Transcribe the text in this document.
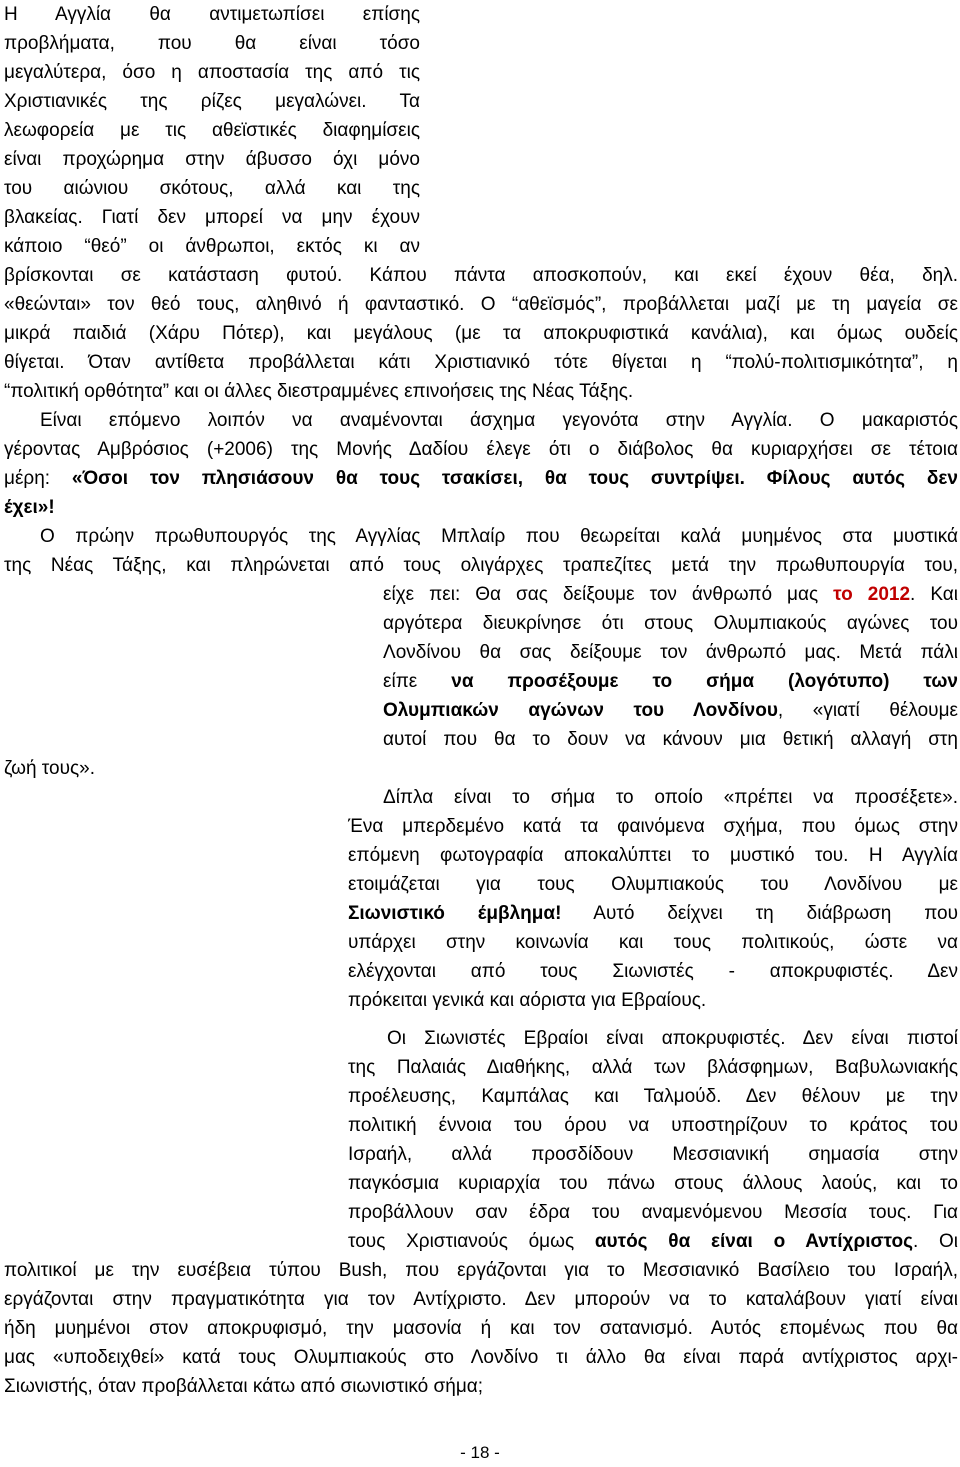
Η Αγγλία θα αντιμετωπίσει επίσης
προβλήματα, που θα είναι τόσο
μεγαλύτερα, όσο η αποστασία της από τις
Χριστιανικές της ρίζες μεγαλώνει. Τα
λεωφορεία με τις αθεϊστικές διαφημίσεις
είναι προχώρημα στην άβυσσο όχι μόνο
του αιώνιου σκότους, αλλά και της
βλακείας. Γιατί δεν μπορεί να μην έχουν
κάποιο “θεό” οι άνθρωποι, εκτός κι αν
βρίσκονται σε κατάσταση φυτού. Κάπου πάντα αποσκοπούν, και εκεί έχουν θέα, δηλ.
«θεώνται» τον θεό τους, αληθινό ή φανταστικό. Ο “αθεϊσμός”, προβάλλεται μαζί με τη μαγεία σε
μικρά παιδιά (Χάρυ Πότερ), και μεγάλους (με τα αποκρυφιστικά κανάλια), και όμως ουδείς
θίγεται. Όταν αντίθετα προβάλλεται κάτι Χριστιανικό τότε θίγεται η “πολύ-πολιτισμικότητα”, η
“πολιτική ορθότητα” και οι άλλες διεστραμμένες επινοήσεις της Νέας Τάξης.
Είναι επόμενο λοιπόν να αναμένονται άσχημα γεγονότα στην Αγγλία. Ο μακαριστός
γέροντας Αμβρόσιος (+2006) της Μονής Δαδίου έλεγε ότι ο διάβολος θα κυριαρχήσει σε τέτοια
μέρη: «Όσοι τον πλησιάσουν θα τους τσακίσει, θα τους συντρίψει. Φίλους αυτός δεν
έχει»!
Ο πρώην πρωθυπουργός της Αγγλίας Μπλαίρ που θεωρείται καλά μυημένος στα μυστικά
της Νέας Τάξης, και πληρώνεται από τους ολιγάρχες τραπεζίτες μετά την πρωθυπουργία του,
είχε πει: Θα σας δείξουμε τον άνθρωπό μας το 2012. Και
αργότερα διευκρίνησε ότι στους Ολυμπιακούς αγώνες του
Λονδίνου θα σας δείξουμε τον άνθρωπό μας. Μετά πάλι
είπε να προσέξουμε το σήμα (λογότυπο) των
Ολυμπιακών αγώνων του Λονδίνου, «γιατί θέλουμε
αυτοί που θα το δουν να κάνουν μια θετική αλλαγή στη
ζωή τους».
Δίπλα είναι το σήμα το οποίο «πρέπει να προσέξετε».
Ένα μπερδεμένο κατά τα φαινόμενα σχήμα, που όμως στην
επόμενη φωτογραφία αποκαλύπτει το μυστικό του. Η Αγγλία
ετοιμάζεται για τους Ολυμπιακούς του Λονδίνου με
Σιωνιστικό έμβλημα! Αυτό δείχνει τη διάβρωση που
υπάρχει στην κοινωνία και τους πολιτικούς, ώστε να
ελέγχονται από τους Σιωνιστές - αποκρυφιστές. Δεν
πρόκειται γενικά και αόριστα για Εβραίους.
Οι Σιωνιστές Εβραίοι είναι αποκρυφιστές. Δεν είναι πιστοί
της Παλαιάς Διαθήκης, αλλά των βλάσφημων, Βαβυλωνιακής
προέλευσης, Καμπάλας και Ταλμούδ. Δεν θέλουν με την
πολιτική έννοια του όρου να υποστηρίζουν το κράτος του
Ισραήλ, αλλά προσδίδουν Μεσσιανική σημασία στην
παγκόσμια κυριαρχία του πάνω στους άλλους λαούς, και το
προβάλλουν σαν έδρα του αναμενόμενου Μεσσία τους. Για
τους Χριστιανούς όμως αυτός θα είναι ο Αντίχριστος. Οι
πολιτικοί με την ευσέβεια τύπου Bush, που εργάζονται για το Μεσσιανικό Βασίλειο του Ισραήλ,
εργάζονται στην πραγματικότητα για τον Αντίχριστο. Δεν μπορούν να το καταλάβουν γιατί είναι
ήδη μυημένοι στον αποκρυφισμό, την μασονία ή και τον σατανισμό. Αυτός επομένως που θα
μας «υποδειχθεί» κατά τους Ολυμπιακούς στο Λονδίνο τι άλλο θα είναι παρά αντίχριστος αρχι-
Σιωνιστής, όταν προβάλλεται κάτω από σιωνιστικό σήμα;
- 18 -
